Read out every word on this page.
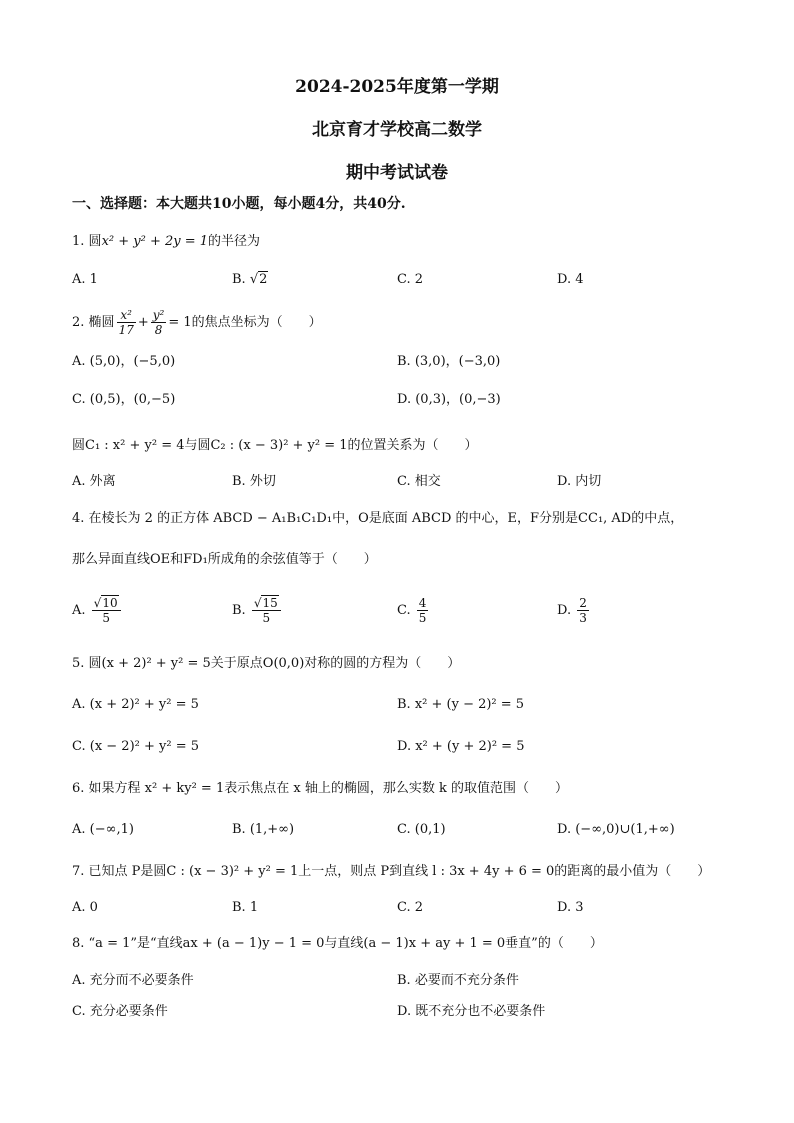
2024-2025年度第一学期
北京育才学校高二数学
期中考试试卷
一、选择题：本大题共10小题，每小题4分，共40分.
1. 圆x² + y² + 2y = 1的半径为
A. 1	B. √2	C. 2	D. 4
2. 椭圆 $\frac{\text{x²}}{17} + \frac{\text{y²}}{8} = 1$的焦点坐标为（　　）
A. (5,0)，(−5,0)	B. (3,0)，(−3,0)
C. (0,5)，(0,−5)	D. (0,3)，(0,−3)
圆C₁ : x² + y² = 4与圆C₂ : (x − 3)² + y² = 1的位置关系为（　　）
A. 外离	B. 外切	C. 相交	D. 内切
4. 在棱长为 2 的正方体 ABCD − A₁B₁C₁D₁中，O是底面 ABCD 的中心，E，F分别是CC₁, AD的中点，
那么异面直线OE和FD₁所成角的余弦值等于（　　）
A. $\frac{√10}{5}$	B. $\frac{√15}{5}$	C. $\frac{4}{5}$	D. $\frac{2}{3}$
5. 圆(x + 2)² + y² = 5关于原点O(0,0)对称的圆的方程为（　　）
A. (x + 2)² + y² = 5	B. x² + (y − 2)² = 5
C. (x − 2)² + y² = 5	D. x² + (y + 2)² = 5
6. 如果方程 x² + ky² = 1表示焦点在 x 轴上的椭圆，那么实数 k 的取值范围（　　）
A. (−∞,1)	B. (1,+∞)	C. (0,1)	D. (−∞,0)∪(1,+∞)
7. 已知点 P是圆C : (x − 3)² + y² = 1上一点，则点 P到直线 l : 3x + 4y + 6 = 0的距离的最小值为（　　）
A. 0	B. 1	C. 2	D. 3
8. “a = 1”是“直线ax + (a − 1)y − 1 = 0与直线(a − 1)x + ay + 1 = 0垂直”的（　　）
A. 充分而不必要条件	B. 必要而不充分条件
C. 充分必要条件	D. 既不充分也不必要条件
